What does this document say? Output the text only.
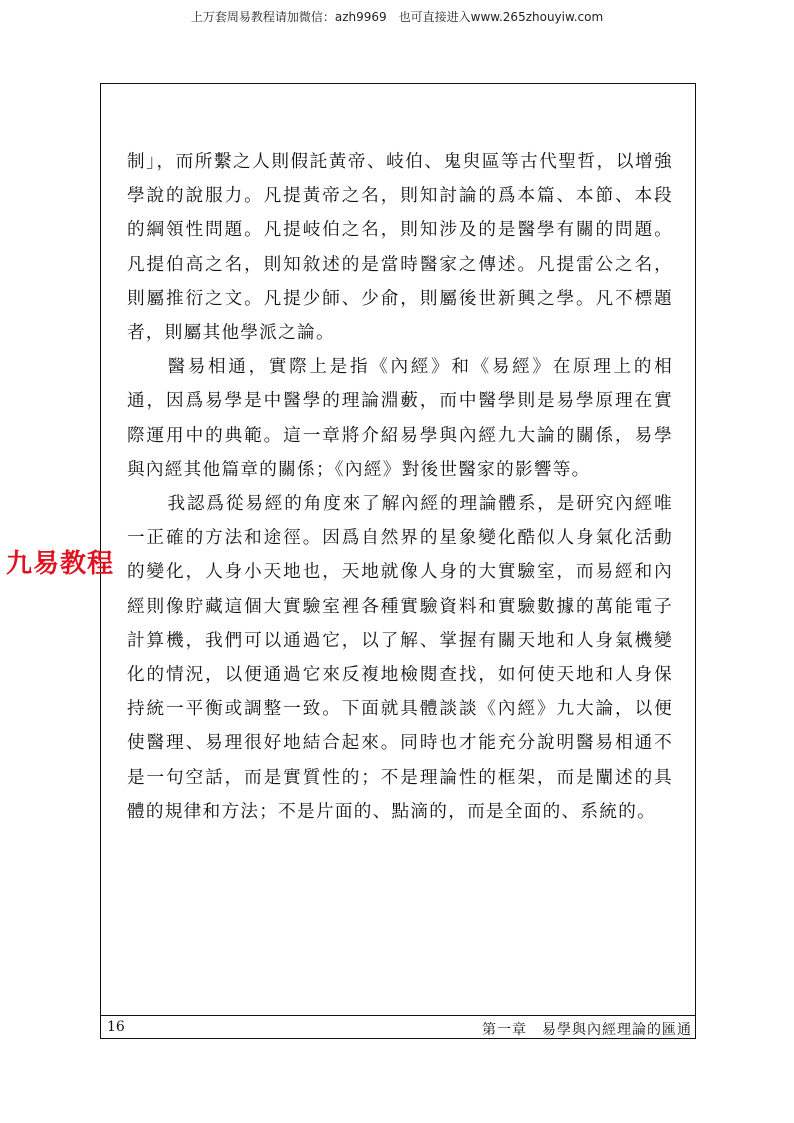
上万套周易教程请加微信：azh9969　也可直接进入www.265zhouyiw.com

制」，而所繫之人則假託黃帝、岐伯、鬼臾區等古代聖哲，以增強學說的說服力。凡提黃帝之名，則知討論的爲本篇、本節、本段的綱領性問題。凡提岐伯之名，則知涉及的是醫學有關的問題。凡提伯高之名，則知敘述的是當時醫家之傳述。凡提雷公之名，則屬推衍之文。凡提少師、少俞，則屬後世新興之學。凡不標題者，則屬其他學派之論。

醫易相通，實際上是指《內經》和《易經》在原理上的相通，因爲易學是中醫學的理論淵藪，而中醫學則是易學原理在實際運用中的典範。這一章將介紹易學與內經九大論的關係，易學與內經其他篇章的關係；《內經》對後世醫家的影響等。

我認爲從易經的角度來了解內經的理論體系，是研究內經唯一正確的方法和途徑。因爲自然界的星象變化酷似人身氣化活動的變化，人身小天地也，天地就像人身的大實驗室，而易經和內經則像貯藏這個大實驗室裡各種實驗資料和實驗數據的萬能電子計算機，我們可以通過它，以了解、掌握有關天地和人身氣機變化的情況，以便通過它來反複地檢閱查找，如何使天地和人身保持統一平衡或調整一致。下面就具體談談《內經》九大論，以便使醫理、易理很好地結合起來。同時也才能充分說明醫易相通不是一句空話，而是實質性的；不是理論性的框架，而是闡述的具體的規律和方法；不是片面的、點滴的，而是全面的、系統的。

九易教程
16	第一章　易學與內經理論的匯通
